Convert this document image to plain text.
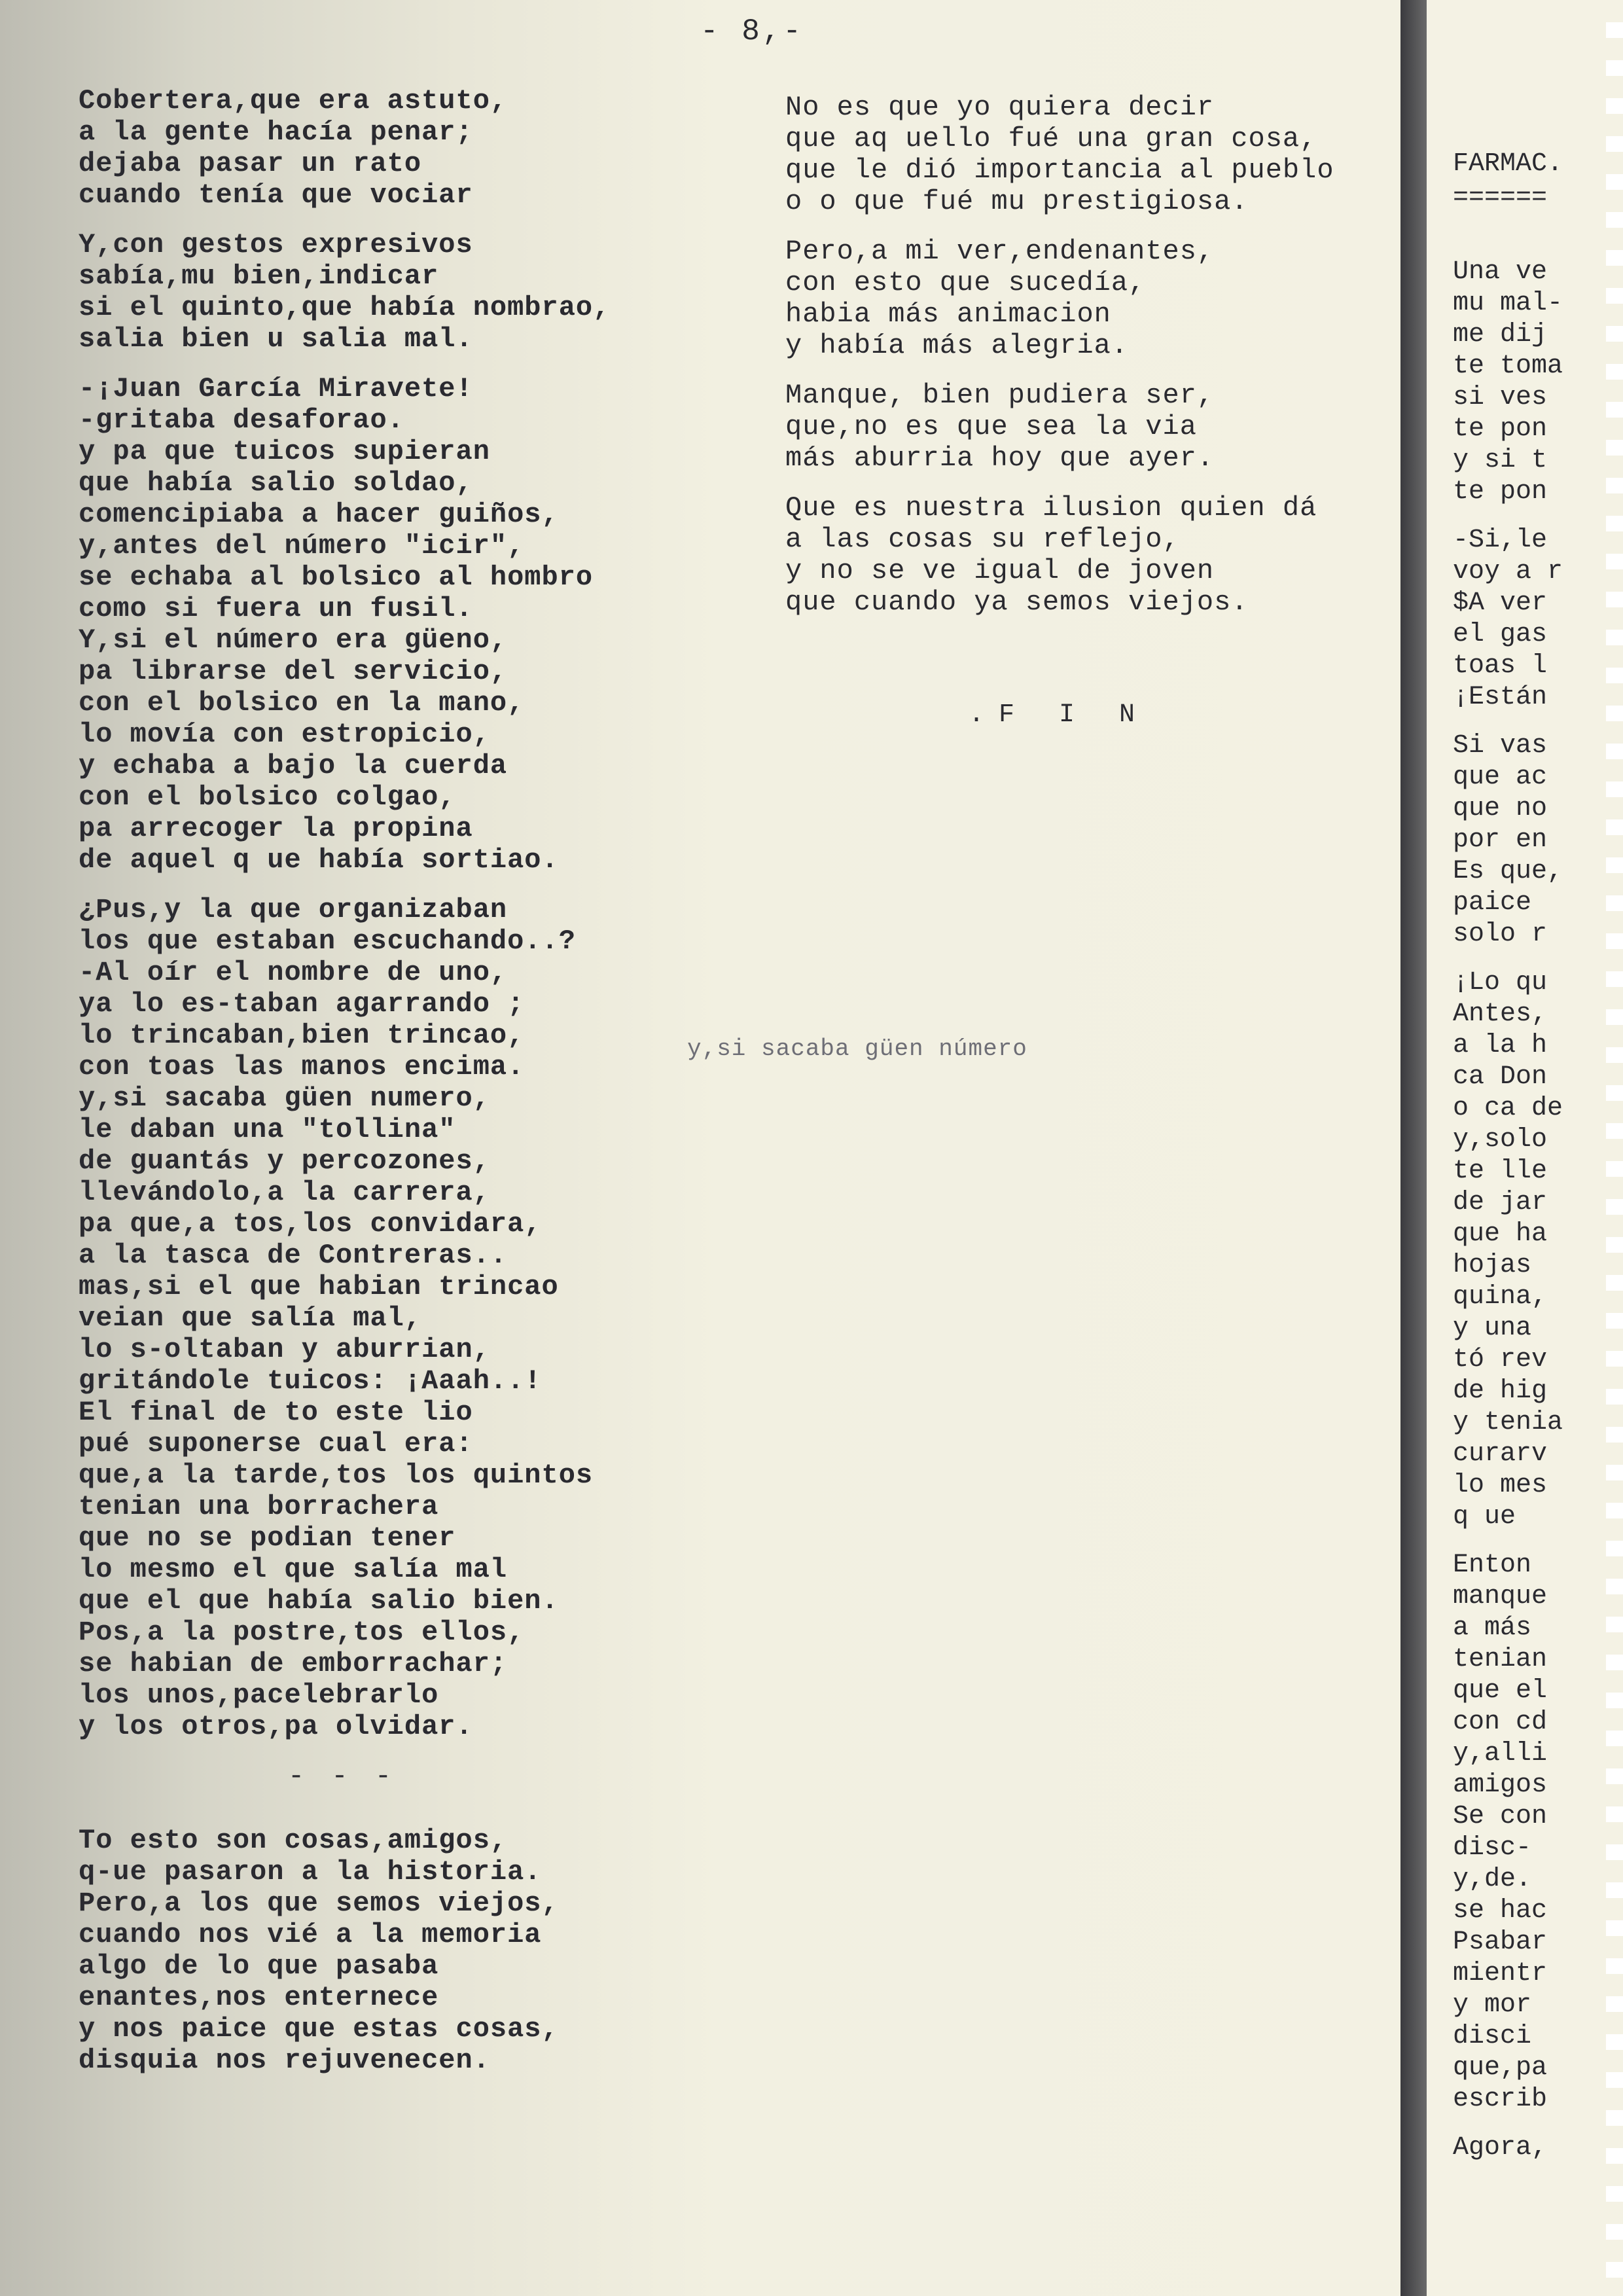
- 8,-
Cobertera,que era astuto,
a la gente hacía penar;
dejaba pasar un rato
cuando tenía que vociar
Y,con gestos expresivos
sabía,mu bien,indicar
si el quinto,que había nombrao,
salia bien u salia mal.
-¡Juan García Miravete!
-gritaba desaforao.
y pa que tuicos supieran
que había salio soldao,
comencipiaba a hacer guiños,
y,antes del número "icir",
se echaba al bolsico al hombro
como si fuera un fusil.
Y,si el número era güeno,
pa librarse del servicio,
con el bolsico en la mano,
lo movía con estropicio,
y echaba a bajo la cuerda
con el bolsico colgao,
pa arrecoger la propina
de aquel q ue había sortiao.
¿Pus,y la que organizaban
los que estaban escuchando..?
-Al oír el nombre de uno,
ya lo es-taban agarrando ;
lo trincaban,bien trincao,
con toas las manos encima.
y,si sacaba güen numero,
le daban una "tollina"
de guantás y percozones,
llevándolo,a la carrera,
pa que,a tos,los convidara,
a la tasca de Contreras..
mas,si el que habian trincao
veian que salía mal,
lo s-oltaban y aburrian,
gritándole tuicos: ¡Aaah..!
El final de to este lio
pué suponerse cual era:
que,a la tarde,tos los quintos
tenian una borrachera
que no se podian tener
lo mesmo el que salía mal
que el que había salio bien.
Pos,a la postre,tos ellos,
se habian de emborrachar;
los unos,pacelebrarlo
y los otros,pa olvidar.
- - -
To esto son cosas,amigos,
q-ue pasaron a la historia.
Pero,a los que semos viejos,
cuando nos vié a la memoria
algo de lo que pasaba
enantes,nos enternece
y nos paice que estas cosas,
disquia nos rejuvenecen.
No es que yo quiera decir
que aq uello fué una gran cosa,
que le dió importancia al pueblo
o o que fué mu prestigiosa.
Pero,a mi ver,endenantes,
con esto que sucedía,
habia más animacion
y había más alegria.
Manque, bien pudiera ser,
que,no es que sea la via
más aburria hoy que ayer.
Que es nuestra ilusion quien dá
a las cosas su reflejo,
y no se ve igual de joven
que cuando ya semos viejos.
.F I N
y,si sacaba güen número
FARMAC.
======
Una ve
mu mal-
me dij
te toma
si ves
te pon
y si t
te pon
-Si,le
voy a r
$A ver
el gas
toas l
¡Están
Si vas
que ac
que no
por en
Es que,
paice
solo r
¡Lo qu
Antes,
a la h
ca Don
o ca de
y,solo
te lle
de jar
que ha
hojas
quina,
y una
tó rev
de hig
y tenia
curarv
lo mes
q ue
Enton
manque
a más
tenian
que el
con cd
y,alli
amigos
Se con
disc-
y,de.
se hac
Psabar
mientr
y mor
disci
que,pa
escrib
Agora,
